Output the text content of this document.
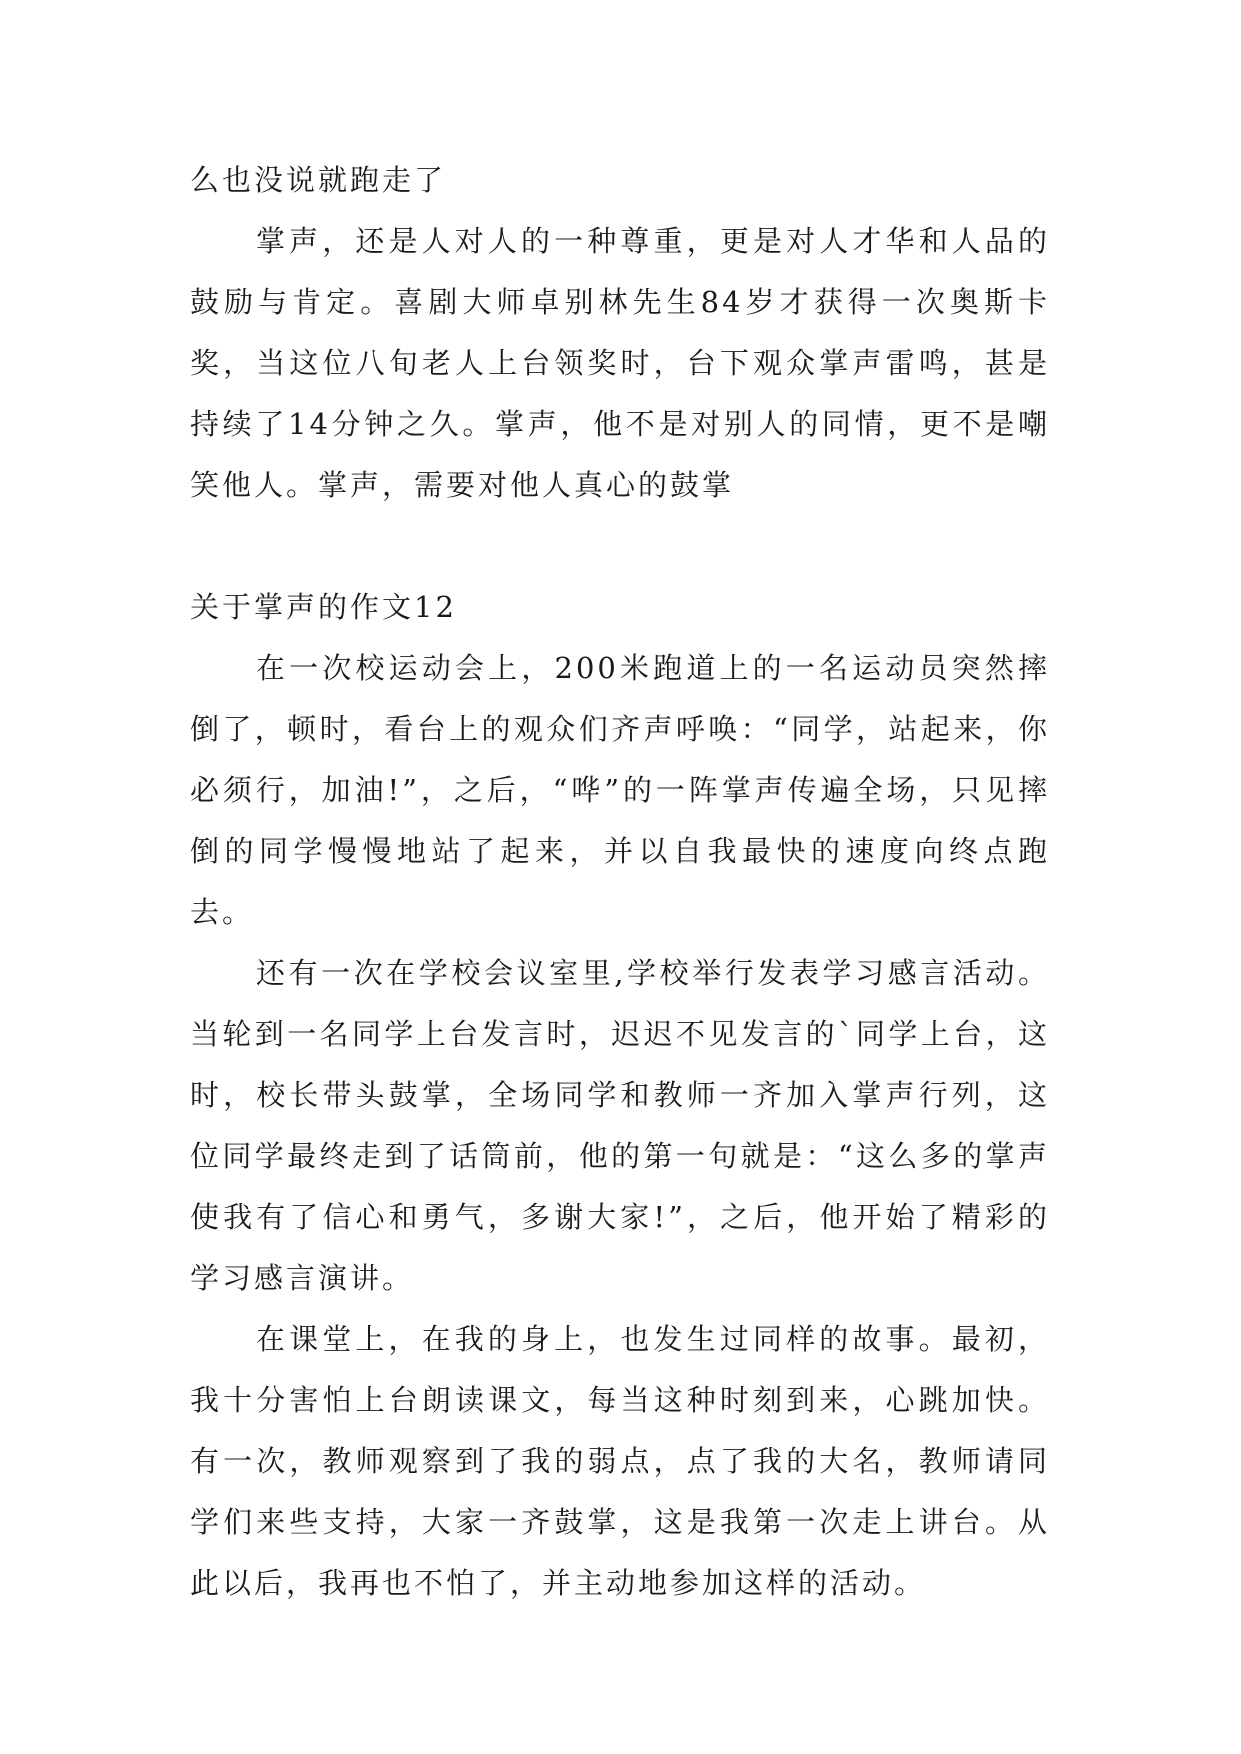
么也没说就跑走了

掌声，还是人对人的一种尊重，更是对人才华和人品的鼓励与肯定。喜剧大师卓别林先生84岁才获得一次奥斯卡奖，当这位八旬老人上台领奖时，台下观众掌声雷鸣，甚是持续了14分钟之久。掌声，他不是对别人的同情，更不是嘲笑他人。掌声，需要对他人真心的鼓掌

关于掌声的作文12

在一次校运动会上，200米跑道上的一名运动员突然摔倒了，顿时，看台上的观众们齐声呼唤：“同学，站起来，你必须行，加油!”，之后，“哗”的一阵掌声传遍全场，只见摔倒的同学慢慢地站了起来，并以自我最快的速度向终点跑去。

还有一次在学校会议室里,学校举行发表学习感言活动。当轮到一名同学上台发言时，迟迟不见发言的`同学上台，这时，校长带头鼓掌，全场同学和教师一齐加入掌声行列，这位同学最终走到了话筒前，他的第一句就是：“这么多的掌声使我有了信心和勇气，多谢大家!”，之后，他开始了精彩的学习感言演讲。

在课堂上，在我的身上，也发生过同样的故事。最初，我十分害怕上台朗读课文，每当这种时刻到来，心跳加快。有一次，教师观察到了我的弱点，点了我的大名，教师请同学们来些支持，大家一齐鼓掌，这是我第一次走上讲台。从此以后，我再也不怕了，并主动地参加这样的活动。
